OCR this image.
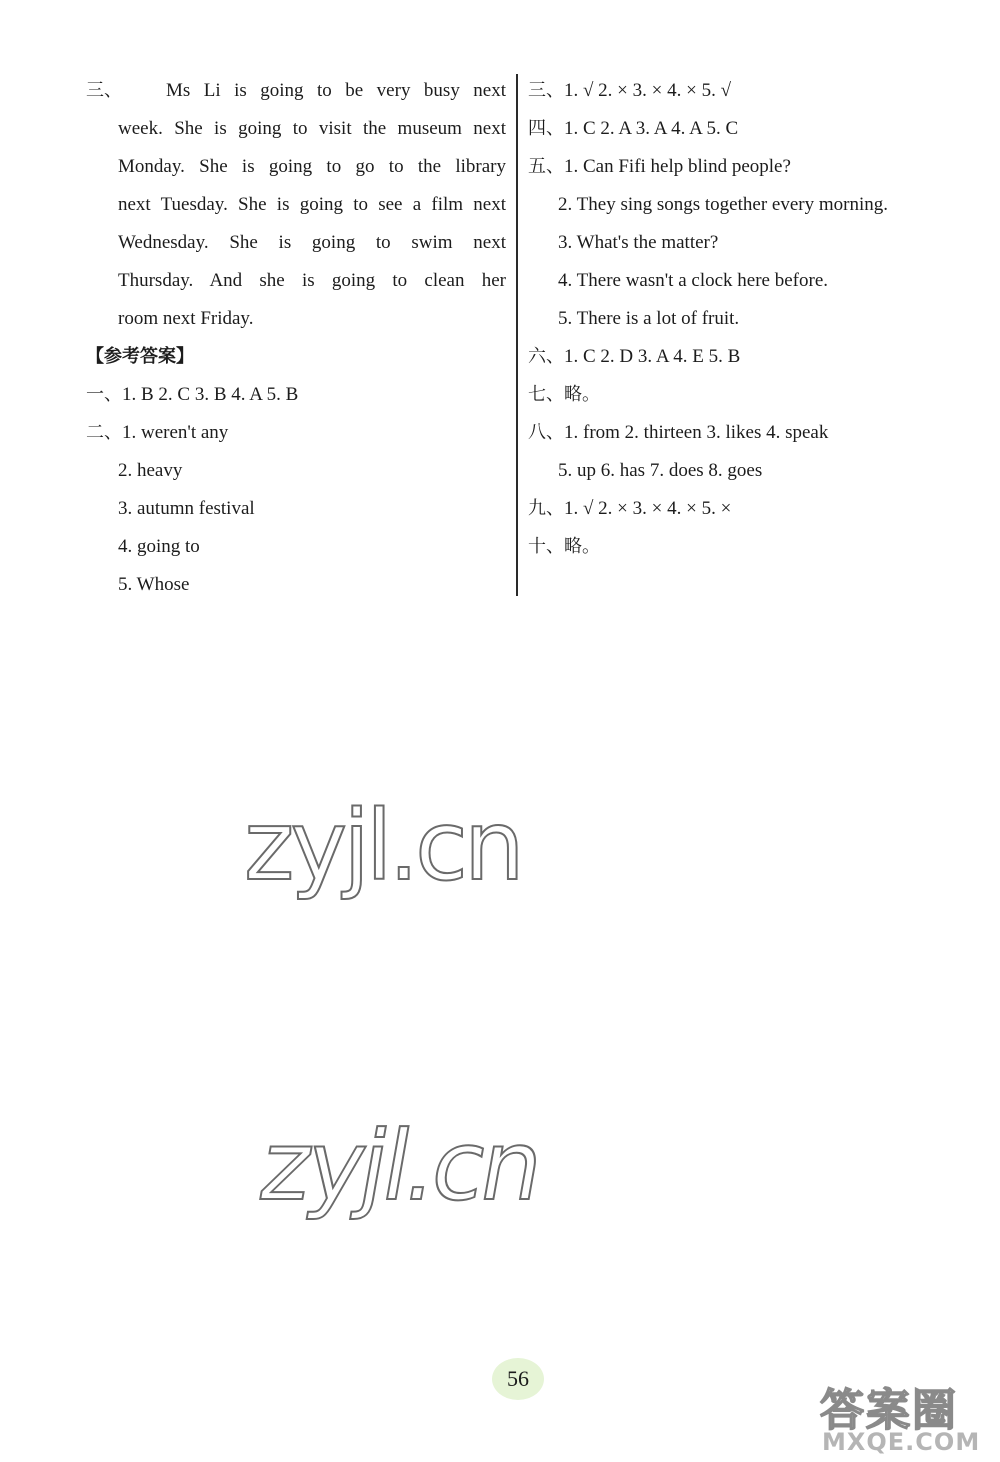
三、	Ms Li is going to be very busy next
week. She is going to visit the museum next
Monday. She is going to go to the library
next Tuesday. She is going to see a film next
Wednesday. She is going to swim next
Thursday. And she is going to clean her
room next Friday.
【参考答案】
一、1. B 2. C 3. B 4. A 5. B
二、1. weren't any
2. heavy
3. autumn festival
4. going to
5. Whose
三、1. √ 2. × 3. × 4. × 5. √
四、1. C 2. A 3. A 4. A 5. C
五、1. Can Fifi help blind people?
2. They sing songs together every morning.
3. What's the matter?
4. There wasn't a clock here before.
5. There is a lot of fruit.
六、1. C 2. D 3. A 4. E 5. B
七、略。
八、1. from 2. thirteen 3. likes 4. speak
5. up 6. has 7. does 8. goes
九、1. √ 2. × 3. × 4. × 5. ×
十、略。
zyjl.cn
zyjl.cn
56
答案圈
MXQE.COM
